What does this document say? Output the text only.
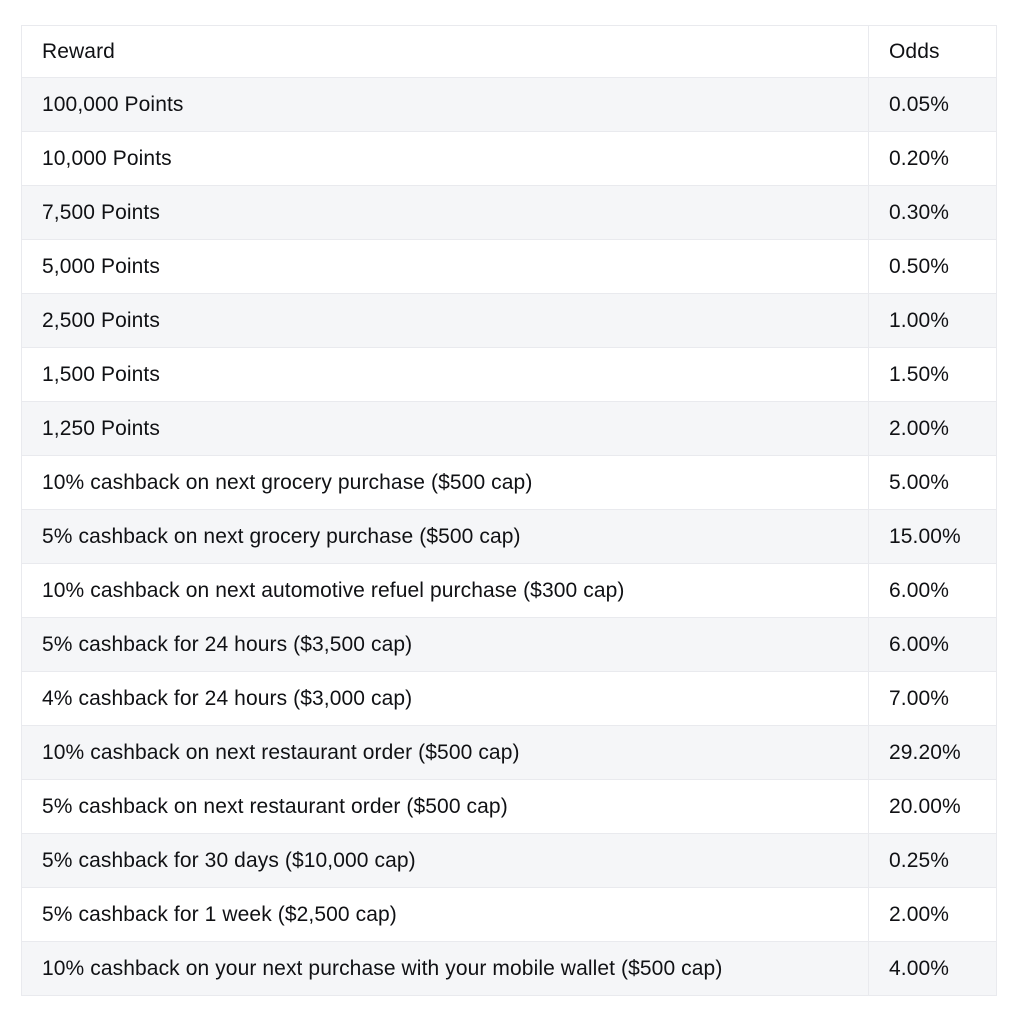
Reward	Odds
100,000 Points	0.05%
10,000 Points	0.20%
7,500 Points	0.30%
5,000 Points	0.50%
2,500 Points	1.00%
1,500 Points	1.50%
1,250 Points	2.00%
10% cashback on next grocery purchase ($500 cap)	5.00%
5% cashback on next grocery purchase ($500 cap)	15.00%
10% cashback on next automotive refuel purchase ($300 cap)	6.00%
5% cashback for 24 hours ($3,500 cap)	6.00%
4% cashback for 24 hours ($3,000 cap)	7.00%
10% cashback on next restaurant order ($500 cap)	29.20%
5% cashback on next restaurant order ($500 cap)	20.00%
5% cashback for 30 days ($10,000 cap)	0.25%
5% cashback for 1 week ($2,500 cap)	2.00%
10% cashback on your next purchase with your mobile wallet ($500 cap)	4.00%
